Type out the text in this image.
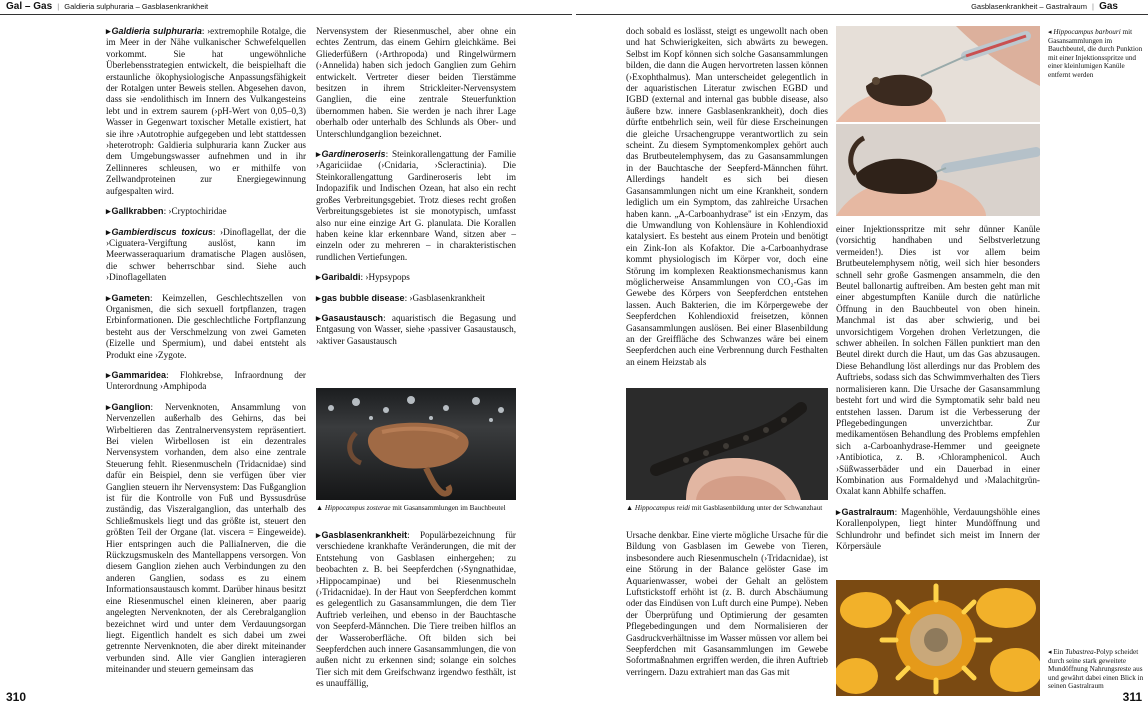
Gal – Gas | Galdieria sulphuraria – Gasblasenkrankheit

▸ Galdieria sulphuraria: ›extremophile Rotalge, die im Meer in der Nähe vulkanischer Schwefelquellen vorkommt. Sie hat ungewöhnliche Überlebensstrategien entwickelt, die beispielhaft die erstaunliche ökophysiologische Anpassungsfähigkeit der Rotalgen unter Beweis stellen. Abgesehen davon, dass sie ›endolithisch im Innern des Vulkangesteins lebt und in extrem saurem (›pH-Wert von 0,05–0,3) Wasser in Gegenwart toxischer Metalle existiert, hat sie ihre ›Autotrophie aufgegeben und lebt stattdessen ›heterotroph: Galdieria sulphuraria kann Zucker aus dem Umgebungswasser aufnehmen und in ihr Zellinneres schleusen, wo er mithilfe von Zellwandproteinen zur Energiegewinnung aufgespalten wird.

▸ Gallkrabben: ›Cryptochiridae

▸ Gambierdiscus toxicus: ›Dinoflagellat, der die ›Ciguatera-Vergiftung auslöst, kann im Meerwasseraquarium dramatische Plagen auslösen, die schwer beherrschbar sind. Siehe auch ›Dinoflagellaten

▸ Gameten: Keimzellen, Geschlechtszellen von Organismen, die sich sexuell fortpflanzen, tragen Erbinformationen. Die geschlechtliche Fortpflanzung besteht aus der Verschmelzung von zwei Gameten (Eizelle und Spermium), und dabei entsteht als Produkt eine ›Zygote.

▸ Gammaridea: Flohkrebse, Infraordnung der Unterordnung ›Amphipoda

▸ Ganglion: Nervenknoten, Ansammlung von Nervenzellen außerhalb des Gehirns, das bei Wirbeltieren das Zentralnervensystem repräsentiert. Bei vielen Wirbellosen ist ein dezentrales Nervensystem vorhanden, dem also eine zentrale Steuerung fehlt. Riesenmuscheln (Tridacnidae) sind dafür ein Beispiel, denn sie verfügen über vier Ganglien steuern ihr Nervensystem: Das Fußganglion ist für die Kontrolle von Fuß und Byssusdrüse zuständig, das Viszeralganglion, das unterhalb des Schließmuskels liegt und das größte ist, steuert den größten Teil der Organe (lat. viscera = Eingeweide). Hier entspringen auch die PalliaInerven, die die Rückzugsmuskeln des Mantellappens versorgen. Von diesem Ganglion ziehen auch Verbindungen zu den anderen Ganglien, sodass es zu einem Informationsaustausch kommt. Darüber hinaus besitzt eine Riesenmuschel einen kleineren, aber paarig angelegten Nervenknoten, der als Cerebralganglion bezeichnet wird und unter dem Verdauungsorgan liegt. Eigentlich handelt es sich dabei um zwei getrennte Nervenknoten, die aber direkt miteinander verbunden sind. Alle vier Ganglien interagieren miteinander und steuern gemeinsam das

Nervensystem der Riesenmuschel, aber ohne ein echtes Zentrum, das einem Gehirn gleichkäme. Bei Gliederfüßern (›Arthropoda) und Ringelwürmern (›Annelida) haben sich jedoch Ganglien zum Gehirn entwickelt. Vertreter dieser beiden Tierstämme besitzen in ihrem Strickleiter-Nervensystem Ganglien, die eine zentrale Steuerfunktion übernommen haben. Sie werden je nach ihrer Lage oberhalb oder unterhalb des Schlunds als Ober- und Unterschlundganglion bezeichnet.

▸ Gardineroseris: Steinkorallengattung der Familie ›Agariciidae (›Cnidaria, ›Scleractinia). Die Steinkorallengattung Gardineroseris lebt im Indopazifik und Indischen Ozean, hat also ein recht großes Verbreitungsgebiet. Trotz dieses recht großen Verbreitungsgebietes ist sie monotypisch, umfasst also nur eine einzige Art G. planulata. Die Korallen haben keine klar erkennbare Wand, sitzen aber – einzeln oder zu mehreren – in charakteristischen rundlichen Vertiefungen.

▸ Garibaldi: ›Hypsypops

▸ gas bubble disease: ›Gasblasenkrankheit

▸ Gasaustausch: aquaristisch die Begasung und Entgasung von Wasser, siehe ›passiver Gasaustausch, ›aktiver Gasaustausch

▲ Hippocampus zosterae mit Gasansammlungen im Bauchbeutel

▸ Gasblasenkrankheit: Populärbezeichnung für verschiedene krankhafte Veränderungen, die mit der Entstehung von Gasblasen einhergehen; zu beobachten z. B. bei Seepferdchen (›Syngnathidae, ›Hippocampinae) und bei Riesenmuscheln (›Tridacnidae). In der Haut von Seepferdchen kommt es gelegentlich zu Gasansammlungen, die dem Tier Auftrieb verleihen, und ebenso in der Bauchtasche von Seepferd-Männchen. Die Tiere treiben hilflos an der Wasseroberfläche. Oft bilden sich bei Seepferdchen auch innere Gasansammlungen, die von außen nicht zu erkennen sind; solange ein solches Tier sich mit dem Greifschwanz irgendwo festhält, ist es unauffällig,

310
Gasblasenkrankheit – Gastralraum | Gas

doch sobald es loslässt, steigt es ungewollt nach oben und hat Schwierigkeiten, sich abwärts zu bewegen. Selbst im Kopf können sich solche Gasansammlungen bilden, die dann die Augen hervortreten lassen können (›Exophthalmus). Man unterscheidet gelegentlich in der aquaristischen Literatur zwischen EGBD und IGBD (external and internal gas bubble disease, also äußere bzw. innere Gasblasenkrankheit), doch dies dürfte entbehrlich sein, weil für diese Erscheinungen die gleiche Ursachengruppe verantwortlich zu sein scheint. Zu diesem Symptomenkomplex gehört auch das Brutbeutelemphysem, das zu Gasansammlungen in der Bauchtasche der Seepferd-Männchen führt. Allerdings handelt es sich bei diesen Gasansammlungen nicht um eine Krankheit, sondern lediglich um ein Symptom, das zahlreiche Ursachen haben kann. „A-Carboanhydrase" ist ein ›Enzym, das die Umwandlung von Kohlensäure in Kohlendioxid katalysiert. Es besteht aus einem Protein und benötigt ein Zink-Ion als Kofaktor. Die a-Carboanhydrase kommt physiologisch im Körper vor, doch eine Störung im komplexen Reaktionsmechanismus kann möglicherweise Ansammlungen von CO₂-Gas im Gewebe des Körpers von Seepferdchen entstehen lassen. Auch Bakterien, die im Körpergewebe der Seepferdchen Kohlendioxid freisetzen, können Gasansammlungen auslösen. Bei einer Blasenbildung an der Greiffläche des Schwanzes wäre bei einem Seepferdchen auch eine Verbrennung durch Festhalten an einem Heizstab als

▲ Hippocampus reidi mit Gasblasenbildung unter der Schwanzhaut

Ursache denkbar. Eine vierte mögliche Ursache für die Bildung von Gasblasen im Gewebe von Tieren, insbesondere auch Riesenmuscheln (›Tridacnidae), ist eine Störung in der Balance gelöster Gase im Aquarienwasser, wobei der Gehalt an gelöstem Luftstickstoff erhöht ist (z. B. durch Abschäumung oder das Eindüsen von Luft durch eine Pumpe). Neben der Überprüfung und Optimierung der gesamten Pflegebedingungen und dem Normalisieren der Gasdruckverhältnisse im Wasser müssen vor allem bei Seepferdchen mit Gasansammlungen im Gewebe Sofortmaßnahmen ergriffen werden, die ihren Auftrieb verringern. Dazu extrahiert man das Gas mit

◂ Hippocampus barbouri mit Gasansammlungen im Bauchbeutel, die durch Punktion mit einer Injektionsspritze und einer kleinlumigen Kanüle entfernt werden

einer Injektionsspritze mit sehr dünner Kanüle (vorsichtig handhaben und Selbstverletzung vermeiden!). Dies ist vor allem beim Brutbeutelemphysem nötig, weil sich hier besonders schnell sehr große Gasmengen ansammeln, die den Beutel ballonartig auftreiben. Am besten geht man mit einer abgestumpften Kanüle durch die natürliche Öffnung in den Bauchbeutel von oben hinein. Manchmal ist das aber schwierig, und bei unvorsichtigem Vorgehen drohen Verletzungen, die schwer abheilen. In solchen Fällen punktiert man den Beutel direkt durch die Haut, um das Gas abzusaugen. Diese Behandlung löst allerdings nur das Problem des Auftriebs, sodass sich das Schwimmverhalten des Tiers normalisieren kann. Die Ursache der Gasansammlung besteht fort und wird die Symptomatik sehr bald neu entstehen lassen. Darum ist die Verbesserung der Pflegebedingungen unverzichtbar. Zur medikamentösen Behandlung des Problems empfehlen sich a-Carboanhydrase-Hemmer und geeignete ›Antibiotica, z. B. ›Chloramphenicol. Auch ›Süßwasserbäder und ein Dauerbad in einer Kombination aus Formaldehyd und ›Malachitgrün-Oxalat kann Abhilfe schaffen.

▸ Gastralraum: Magenhöhle, Verdauungshöhle eines Korallenpolypen, liegt hinter Mundöffnung und Schlundrohr und befindet sich meist im Innern der Körpersäule

◂ Ein Tubastrea-Polyp scheidet durch seine stark geweitete Mundöffnung Nahrungsreste aus und gewährt dabei einen Blick in seinen Gastralraum
311
